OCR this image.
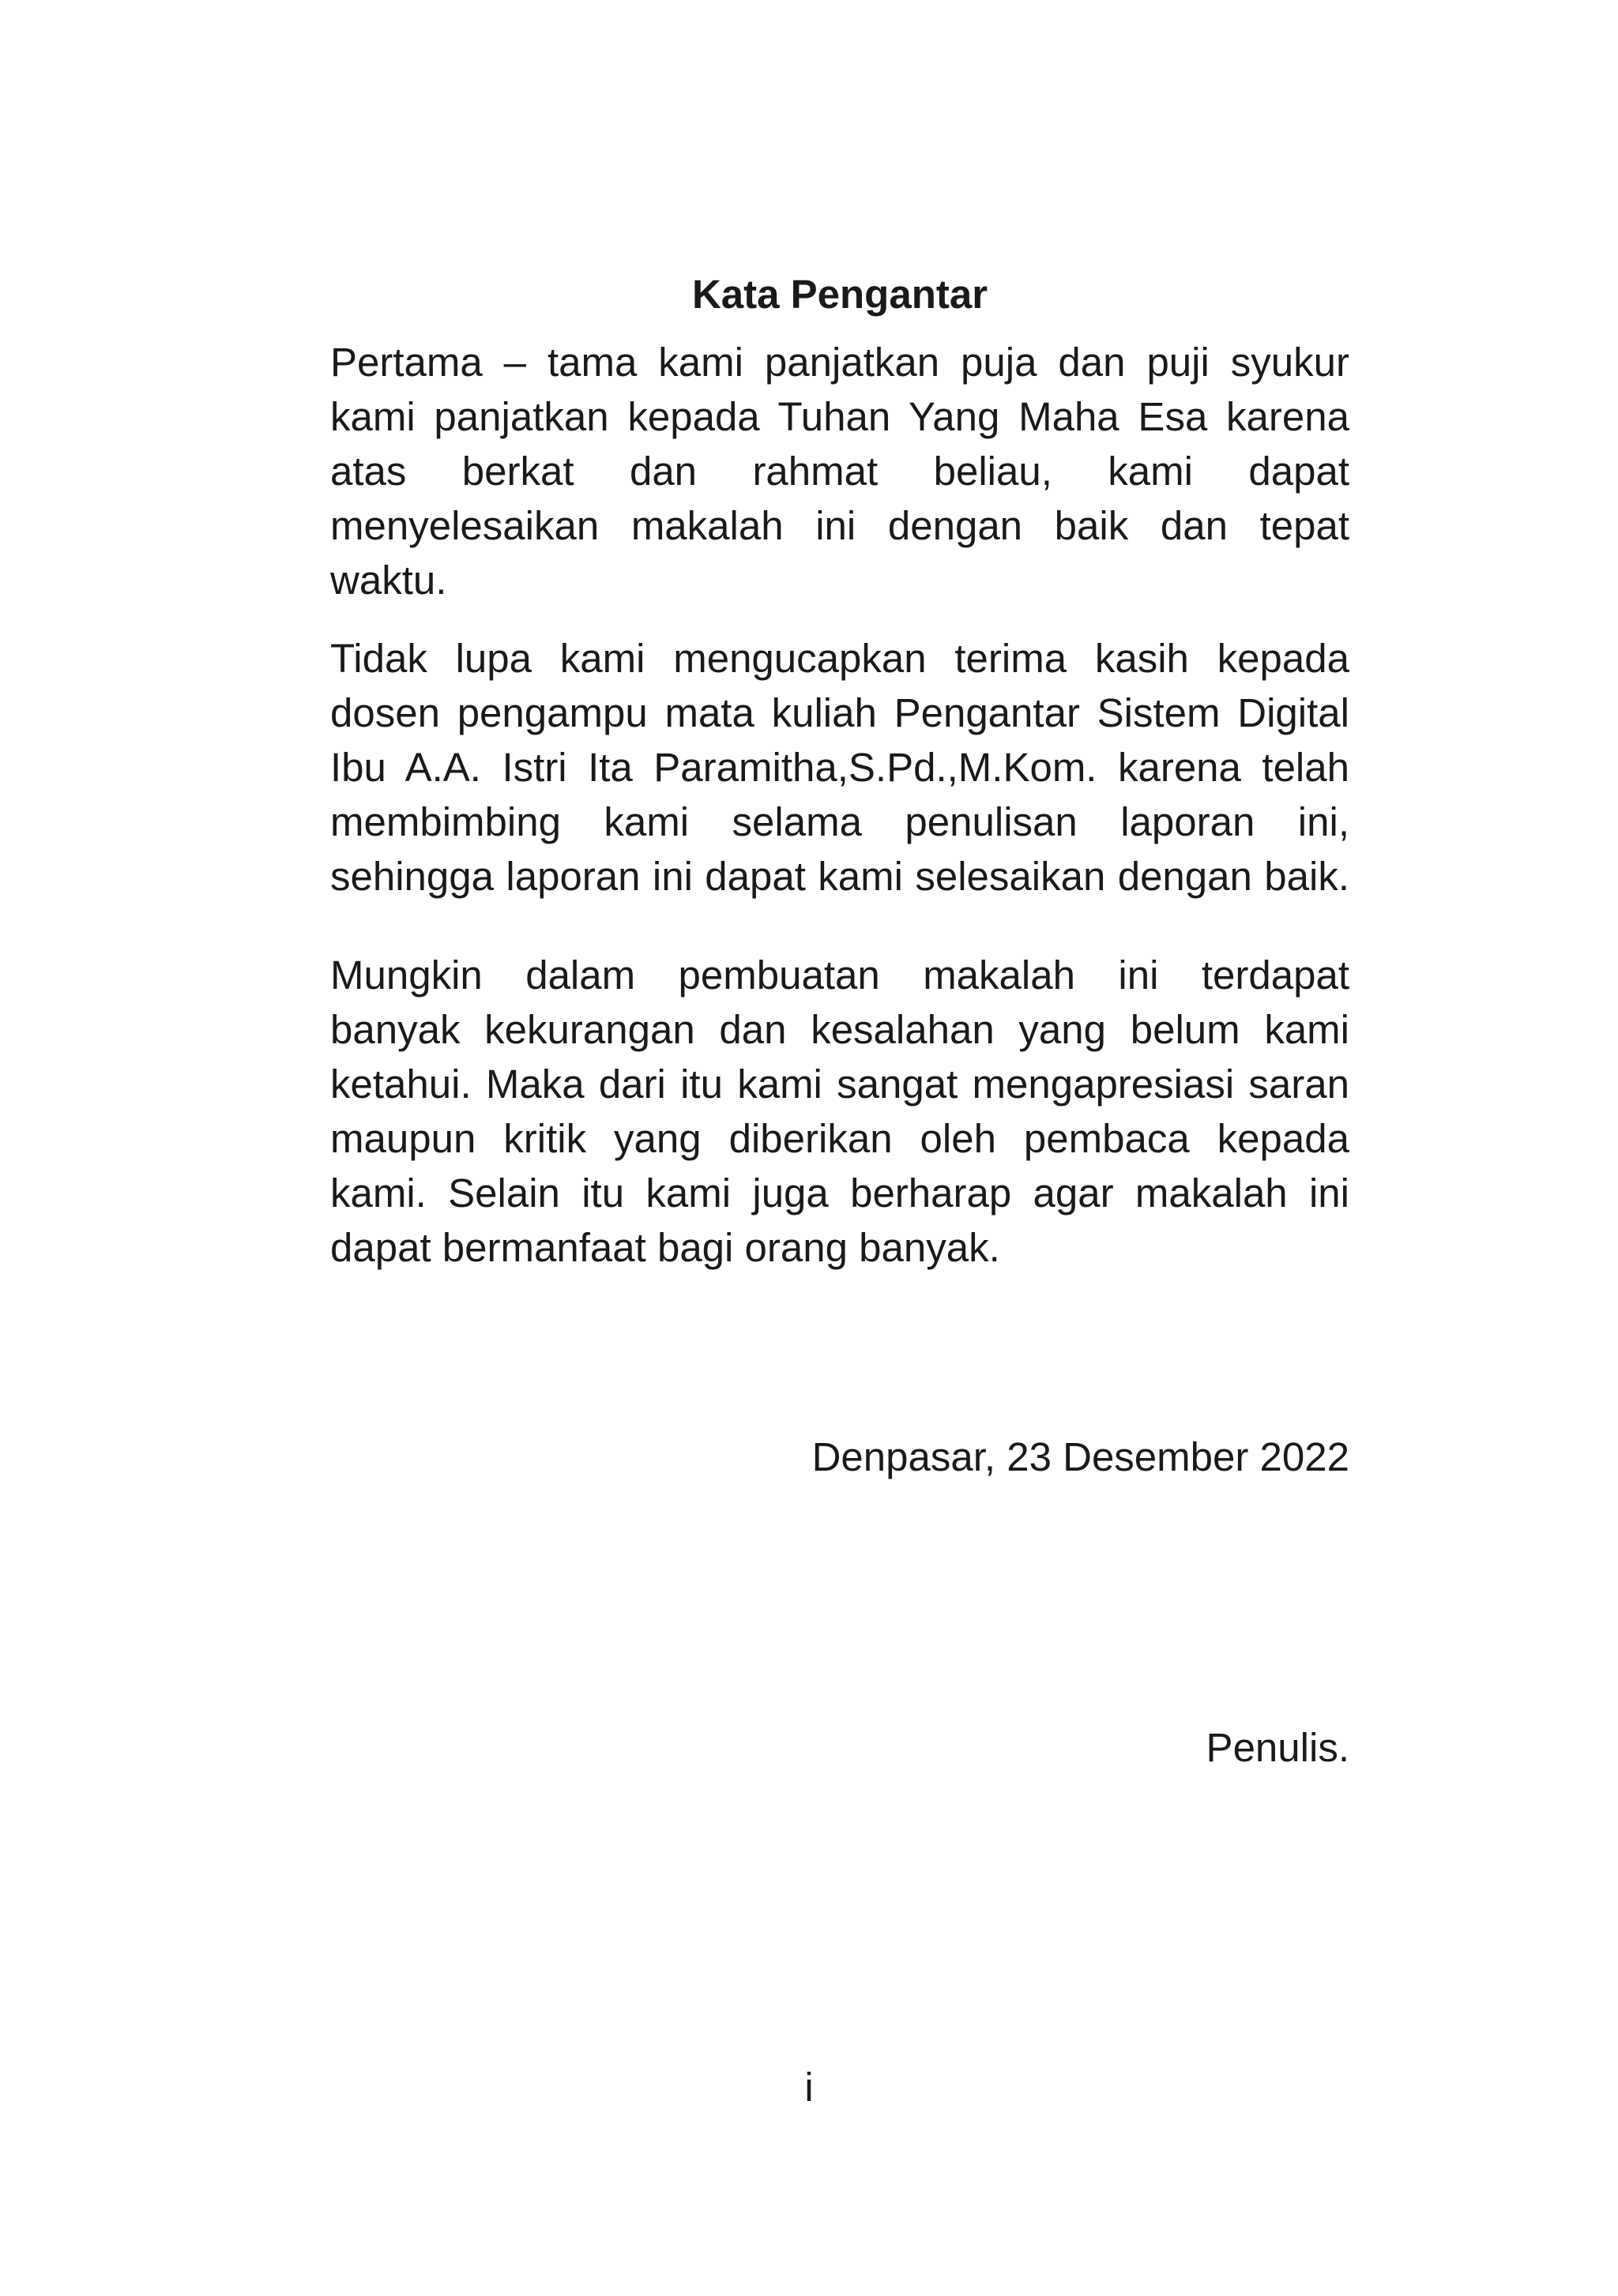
Kata Pengantar

Pertama – tama kami panjatkan puja dan puji syukur
kami panjatkan kepada Tuhan Yang Maha Esa karena
atas berkat dan rahmat beliau, kami dapat
menyelesaikan makalah ini dengan baik dan tepat
waktu.

Tidak lupa kami mengucapkan terima kasih kepada
dosen pengampu mata kuliah Pengantar Sistem Digital
Ibu A.A. Istri Ita Paramitha,S.Pd.,M.Kom. karena telah
membimbing kami selama penulisan laporan ini,
sehingga laporan ini dapat kami selesaikan dengan baik.

Mungkin dalam pembuatan makalah ini terdapat
banyak kekurangan dan kesalahan yang belum kami
ketahui. Maka dari itu kami sangat mengapresiasi saran
maupun kritik yang diberikan oleh pembaca kepada
kami. Selain itu kami juga berharap agar makalah ini
dapat bermanfaat bagi orang banyak.

Denpasar, 23 Desember 2022
Penulis.
i
